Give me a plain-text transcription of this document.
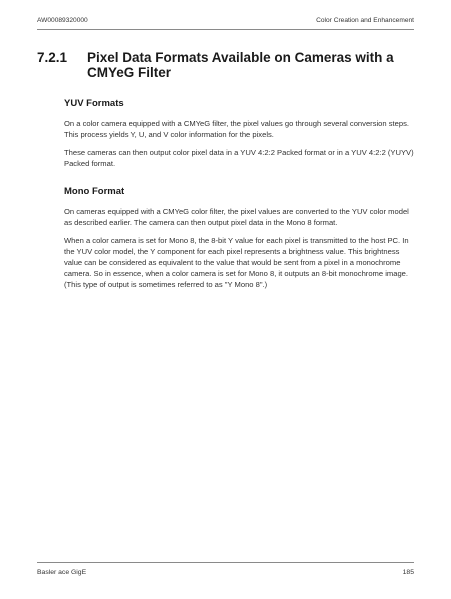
AW00089320000	Color Creation and Enhancement
7.2.1 Pixel Data Formats Available on Cameras with a CMYeG Filter
YUV Formats

On a color camera equipped with a CMYeG filter, the pixel values go through several conversion steps. This process yields Y, U, and V color information for the pixels.

These cameras can then output color pixel data in a YUV 4:2:2 Packed format or in a YUV 4:2:2 (YUYV) Packed format.

Mono Format

On cameras equipped with a CMYeG color filter, the pixel values are converted to the YUV color model as described earlier. The camera can then output pixel data in the Mono 8 format.

When a color camera is set for Mono 8, the 8-bit Y value for each pixel is transmitted to the host PC. In the YUV color model, the Y component for each pixel represents a brightness value. This brightness value can be considered as equivalent to the value that would be sent from a pixel in a monochrome camera. So in essence, when a color camera is set for Mono 8, it outputs an 8-bit monochrome image. (This type of output is sometimes referred to as "Y Mono 8".)

Basler ace GigE	185
